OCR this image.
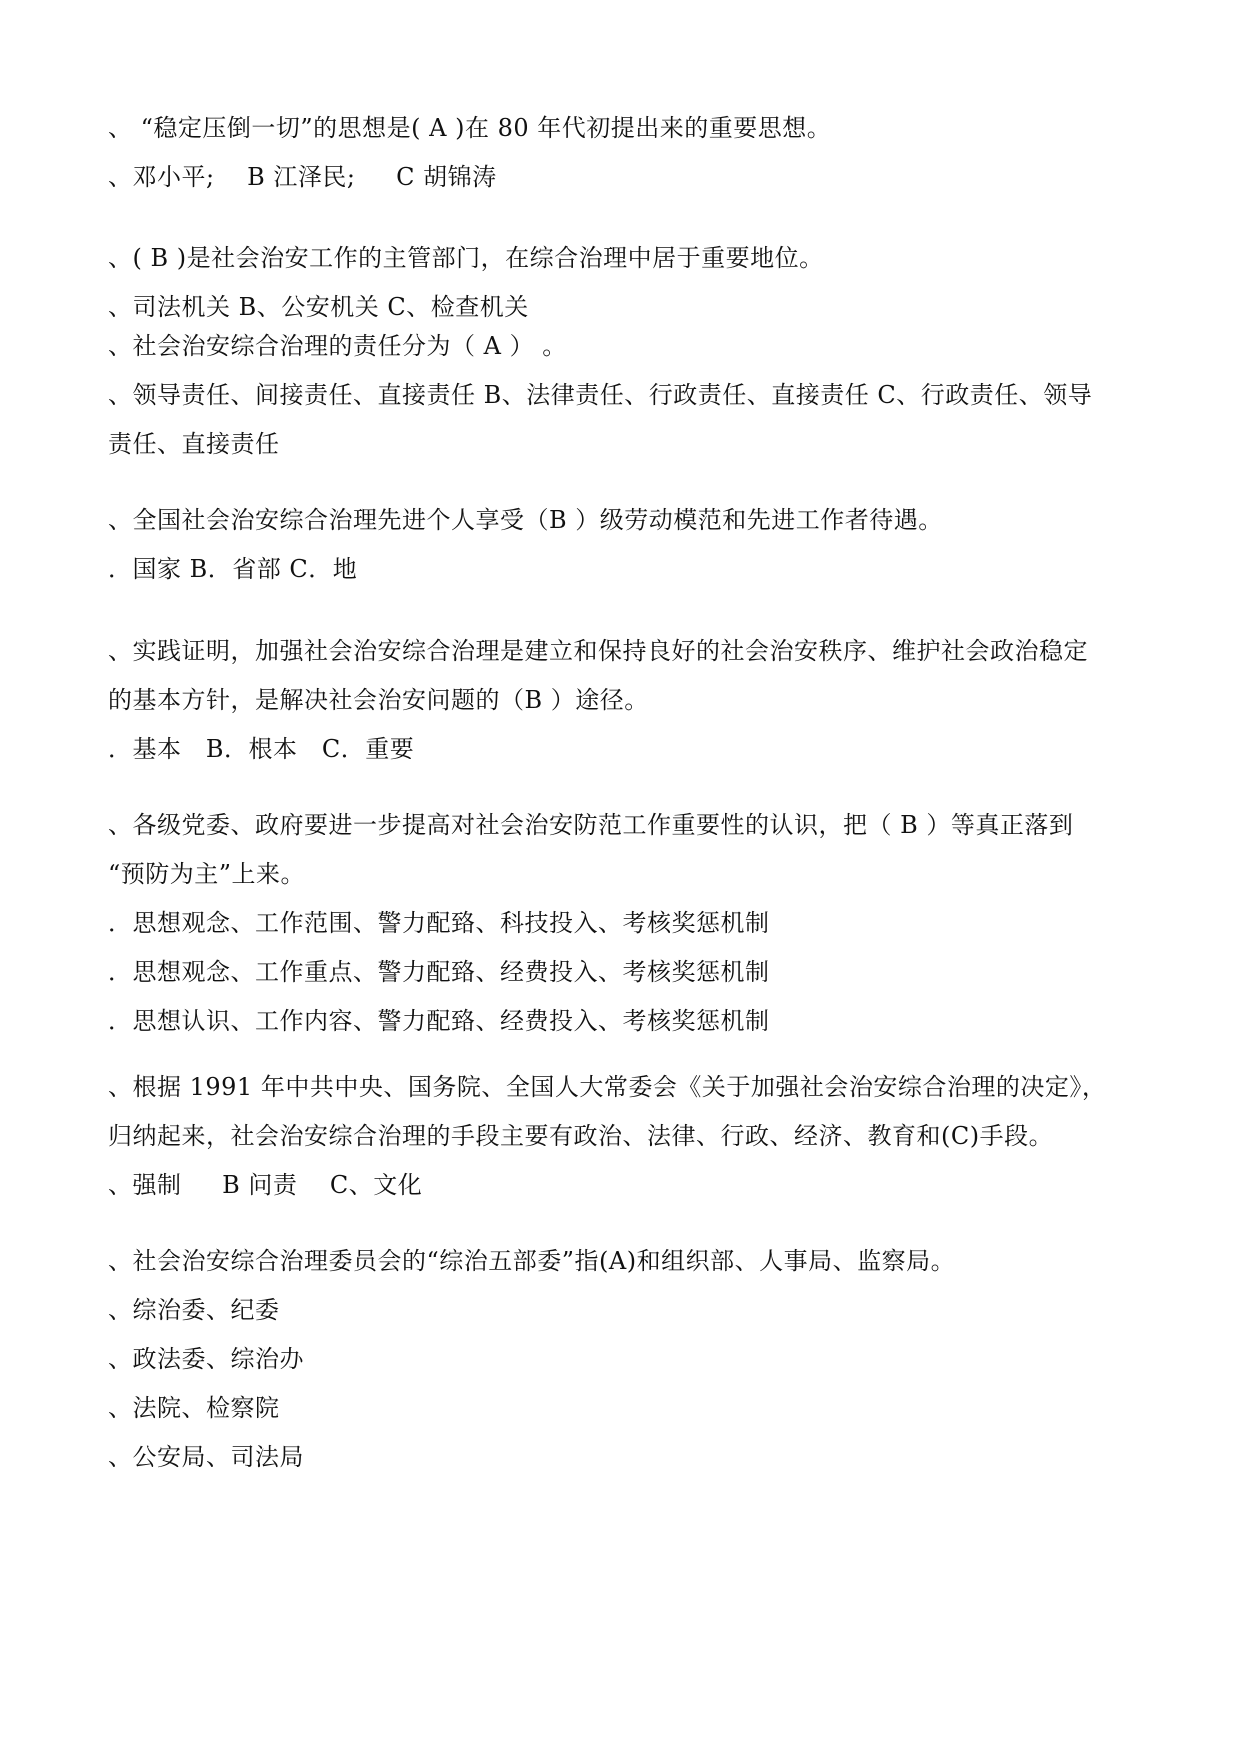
、 “稳定压倒一切”的思想是( A )在 80 年代初提出来的重要思想。

、邓小平;    B 江泽民;     C 胡锦涛

、( B )是社会治安工作的主管部门，在综合治理中居于重要地位。

、司法机关 B、公安机关 C、检查机关

、社会治安综合治理的责任分为（ A ） 。

、领导责任、间接责任、直接责任 B、法律责任、行政责任、直接责任 C、行政责任、领导

责任、直接责任

、全国社会治安综合治理先进个人享受（B ）级劳动模范和先进工作者待遇。

．国家 B．省部 C．地

、实践证明，加强社会治安综合治理是建立和保持良好的社会治安秩序、维护社会政治稳定

的基本方针，是解决社会治安问题的（B ）途径。

．基本   B．根本   C．重要

、各级党委、政府要进一步提高对社会治安防范工作重要性的认识，把（ B ）等真正落到

“预防为主”上来。

．思想观念、工作范围、警力配臵、科技投入、考核奖惩机制

．思想观念、工作重点、警力配臵、经费投入、考核奖惩机制

．思想认识、工作内容、警力配臵、经费投入、考核奖惩机制

、根据 1991 年中共中央、国务院、全国人大常委会《关于加强社会治安综合治理的决定》，

归纳起来，社会治安综合治理的手段主要有政治、法律、行政、经济、教育和(C)手段。

、强制     B 问责    C、文化

、社会治安综合治理委员会的“综治五部委”指(A)和组织部、人事局、监察局。

、综治委、纪委

、政法委、综治办

、法院、检察院

、公安局、司法局
